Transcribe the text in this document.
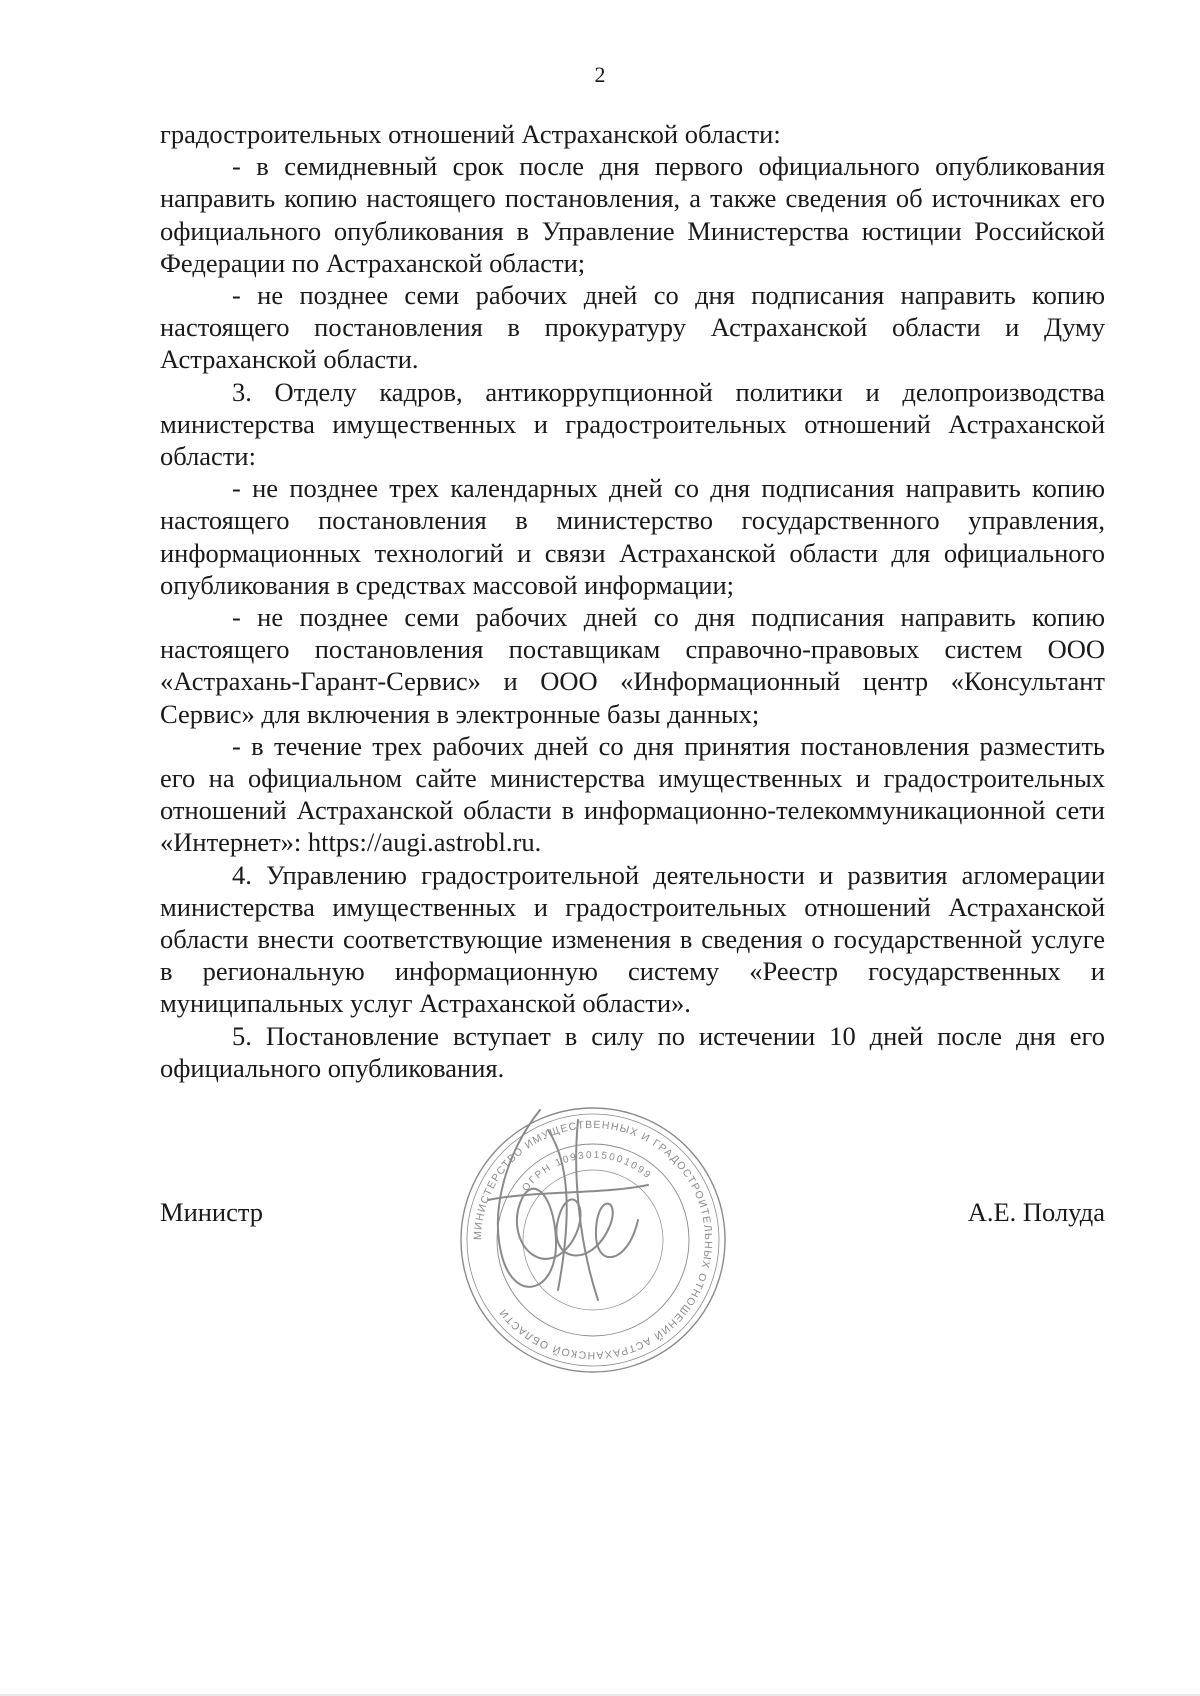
2

градостроительных отношений Астраханской области:

- в семидневный срок после дня первого официального опубликования направить копию настоящего постановления, а также сведения об источниках его официального опубликования в Управление Министерства юстиции Российской Федерации по Астраханской области;

- не позднее семи рабочих дней со дня подписания направить копию настоящего постановления в прокуратуру Астраханской области и Думу Астраханской области.

3. Отделу кадров, антикоррупционной политики и делопроизводства министерства имущественных и градостроительных отношений Астраханской области:

- не позднее трех календарных дней со дня подписания направить копию настоящего постановления в министерство государственного управления, информационных технологий и связи Астраханской области для официального опубликования в средствах массовой информации;

- не позднее семи рабочих дней со дня подписания направить копию настоящего постановления поставщикам справочно-правовых систем ООО «Астрахань-Гарант-Сервис» и ООО «Информационный центр «Консультант Сервис» для включения в электронные базы данных;

- в течение трех рабочих дней со дня принятия постановления разместить его на официальном сайте министерства имущественных и градостроительных отношений Астраханской области в информационно-телекоммуникационной сети «Интернет»: https://augi.astrobl.ru.

4. Управлению градостроительной деятельности и развития агломерации министерства имущественных и градостроительных отношений Астраханской области внести соответствующие изменения в сведения о государственной услуге в региональную информационную систему «Реестр государственных и муниципальных услуг Астраханской области».

5. Постановление вступает в силу по истечении 10 дней после дня его официального опубликования.

МИНИСТЕРСТВО ИМУЩЕСТВЕННЫХ И ГРАДОСТРОИТЕЛЬНЫХ ОТНОШЕНИЙ АСТРАХАНСКОЙ ОБЛАСТИ
ОГРН 1093015001099
Министр	А.Е. Полуда
